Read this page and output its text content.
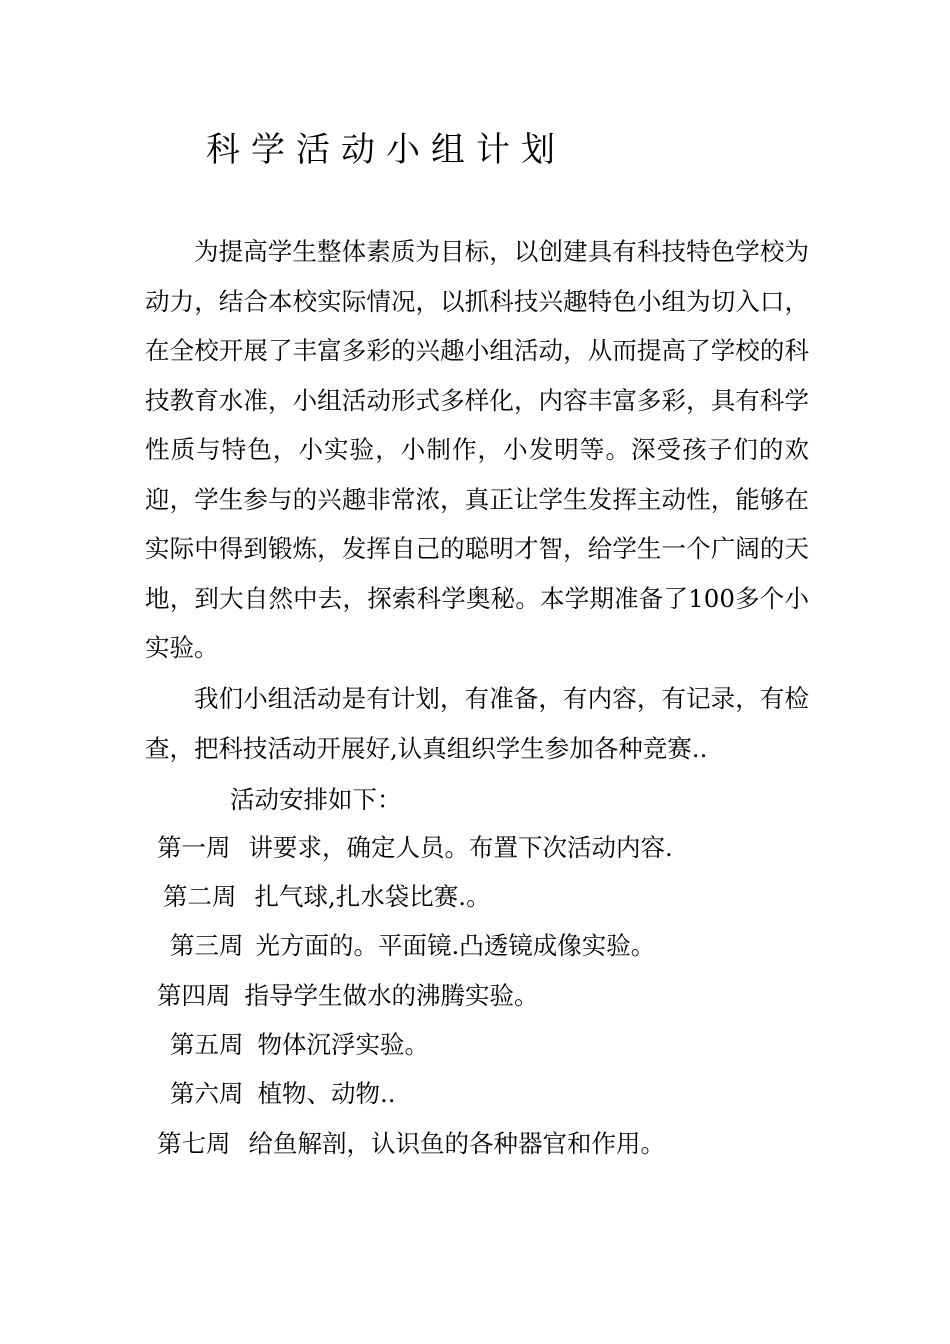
科学活动小组计划
为提高学生整体素质为目标，以创建具有科技特色学校为动力，结合本校实际情况，以抓科技兴趣特色小组为切入口，在全校开展了丰富多彩的兴趣小组活动，从而提高了学校的科技教育水准，小组活动形式多样化，内容丰富多彩，具有科学性质与特色，小实验，小制作，小发明等。深受孩子们的欢迎，学生参与的兴趣非常浓，真正让学生发挥主动性，能够在实际中得到锻炼，发挥自己的聪明才智，给学生一个广阔的天地，到大自然中去，探索科学奥秘。本学期准备了100多个小实验。
我们小组活动是有计划，有准备，有内容，有记录，有检查，把科技活动开展好,认真组织学生参加各种竞赛..
活动安排如下：
第一周 讲要求，确定人员。布置下次活动内容.
第二周 扎气球,扎水袋比赛.。
第三周 光方面的。平面镜.凸透镜成像实验。
第四周 指导学生做水的沸腾实验。
第五周 物体沉浮实验。
第六周 植物、动物..
第七周 给鱼解剖，认识鱼的各种器官和作用。
